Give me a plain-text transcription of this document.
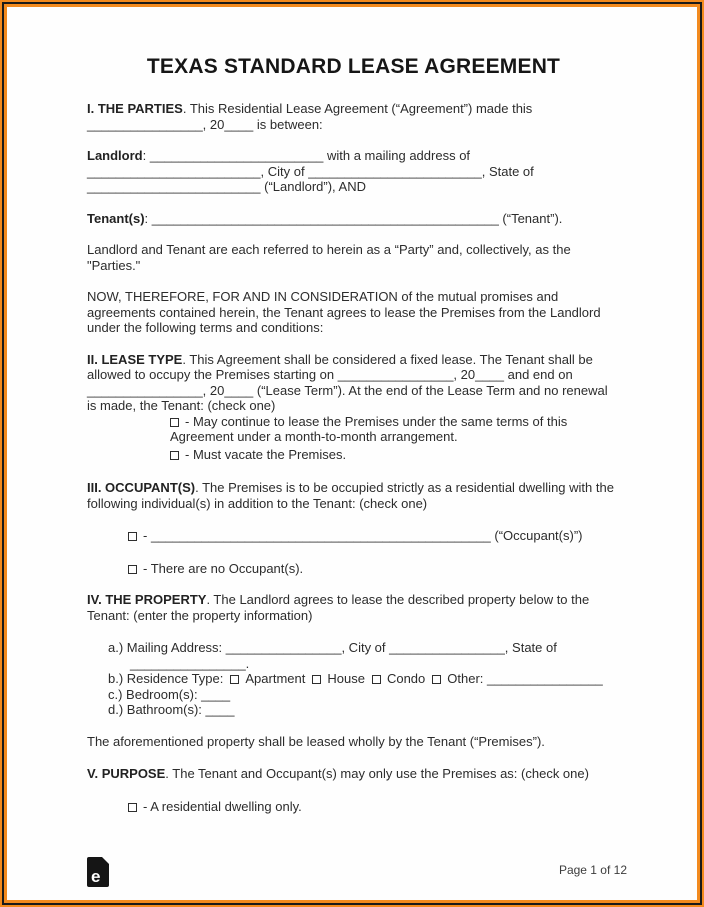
TEXAS STANDARD LEASE AGREEMENT

I. THE PARTIES. This Residential Lease Agreement (“Agreement”) made this ________________, 20____ is between:

Landlord: ________________________ with a mailing address of ________________________, City of ________________________, State of ________________________ (“Landlord”), AND

Tenant(s): ________________________________________________ (“Tenant”).

Landlord and Tenant are each referred to herein as a “Party” and, collectively, as the "Parties."

NOW, THEREFORE, FOR AND IN CONSIDERATION of the mutual promises and agreements contained herein, the Tenant agrees to lease the Premises from the Landlord under the following terms and conditions:

II. LEASE TYPE. This Agreement shall be considered a fixed lease. The Tenant shall be allowed to occupy the Premises starting on ________________, 20____ and end on ________________, 20____ (“Lease Term”). At the end of the Lease Term and no renewal is made, the Tenant: (check one)

- May continue to lease the Premises under the same terms of this Agreement under a month-to-month arrangement.
- Must vacate the Premises.

III. OCCUPANT(S). The Premises is to be occupied strictly as a residential dwelling with the following individual(s) in addition to the Tenant: (check one)

- _______________________________________________ (“Occupant(s)”)
- There are no Occupant(s).

IV. THE PROPERTY. The Landlord agrees to lease the described property below to the Tenant: (enter the property information)

a.) Mailing Address: ________________, City of ________________, State of ________________.
b.) Residence Type: Apartment House Condo Other: ________________
c.) Bedroom(s): ____
d.) Bathroom(s): ____

The aforementioned property shall be leased wholly by the Tenant (“Premises”).

V. PURPOSE. The Tenant and Occupant(s) may only use the Premises as: (check one)

- A residential dwelling only.
e	Page 1 of 12
